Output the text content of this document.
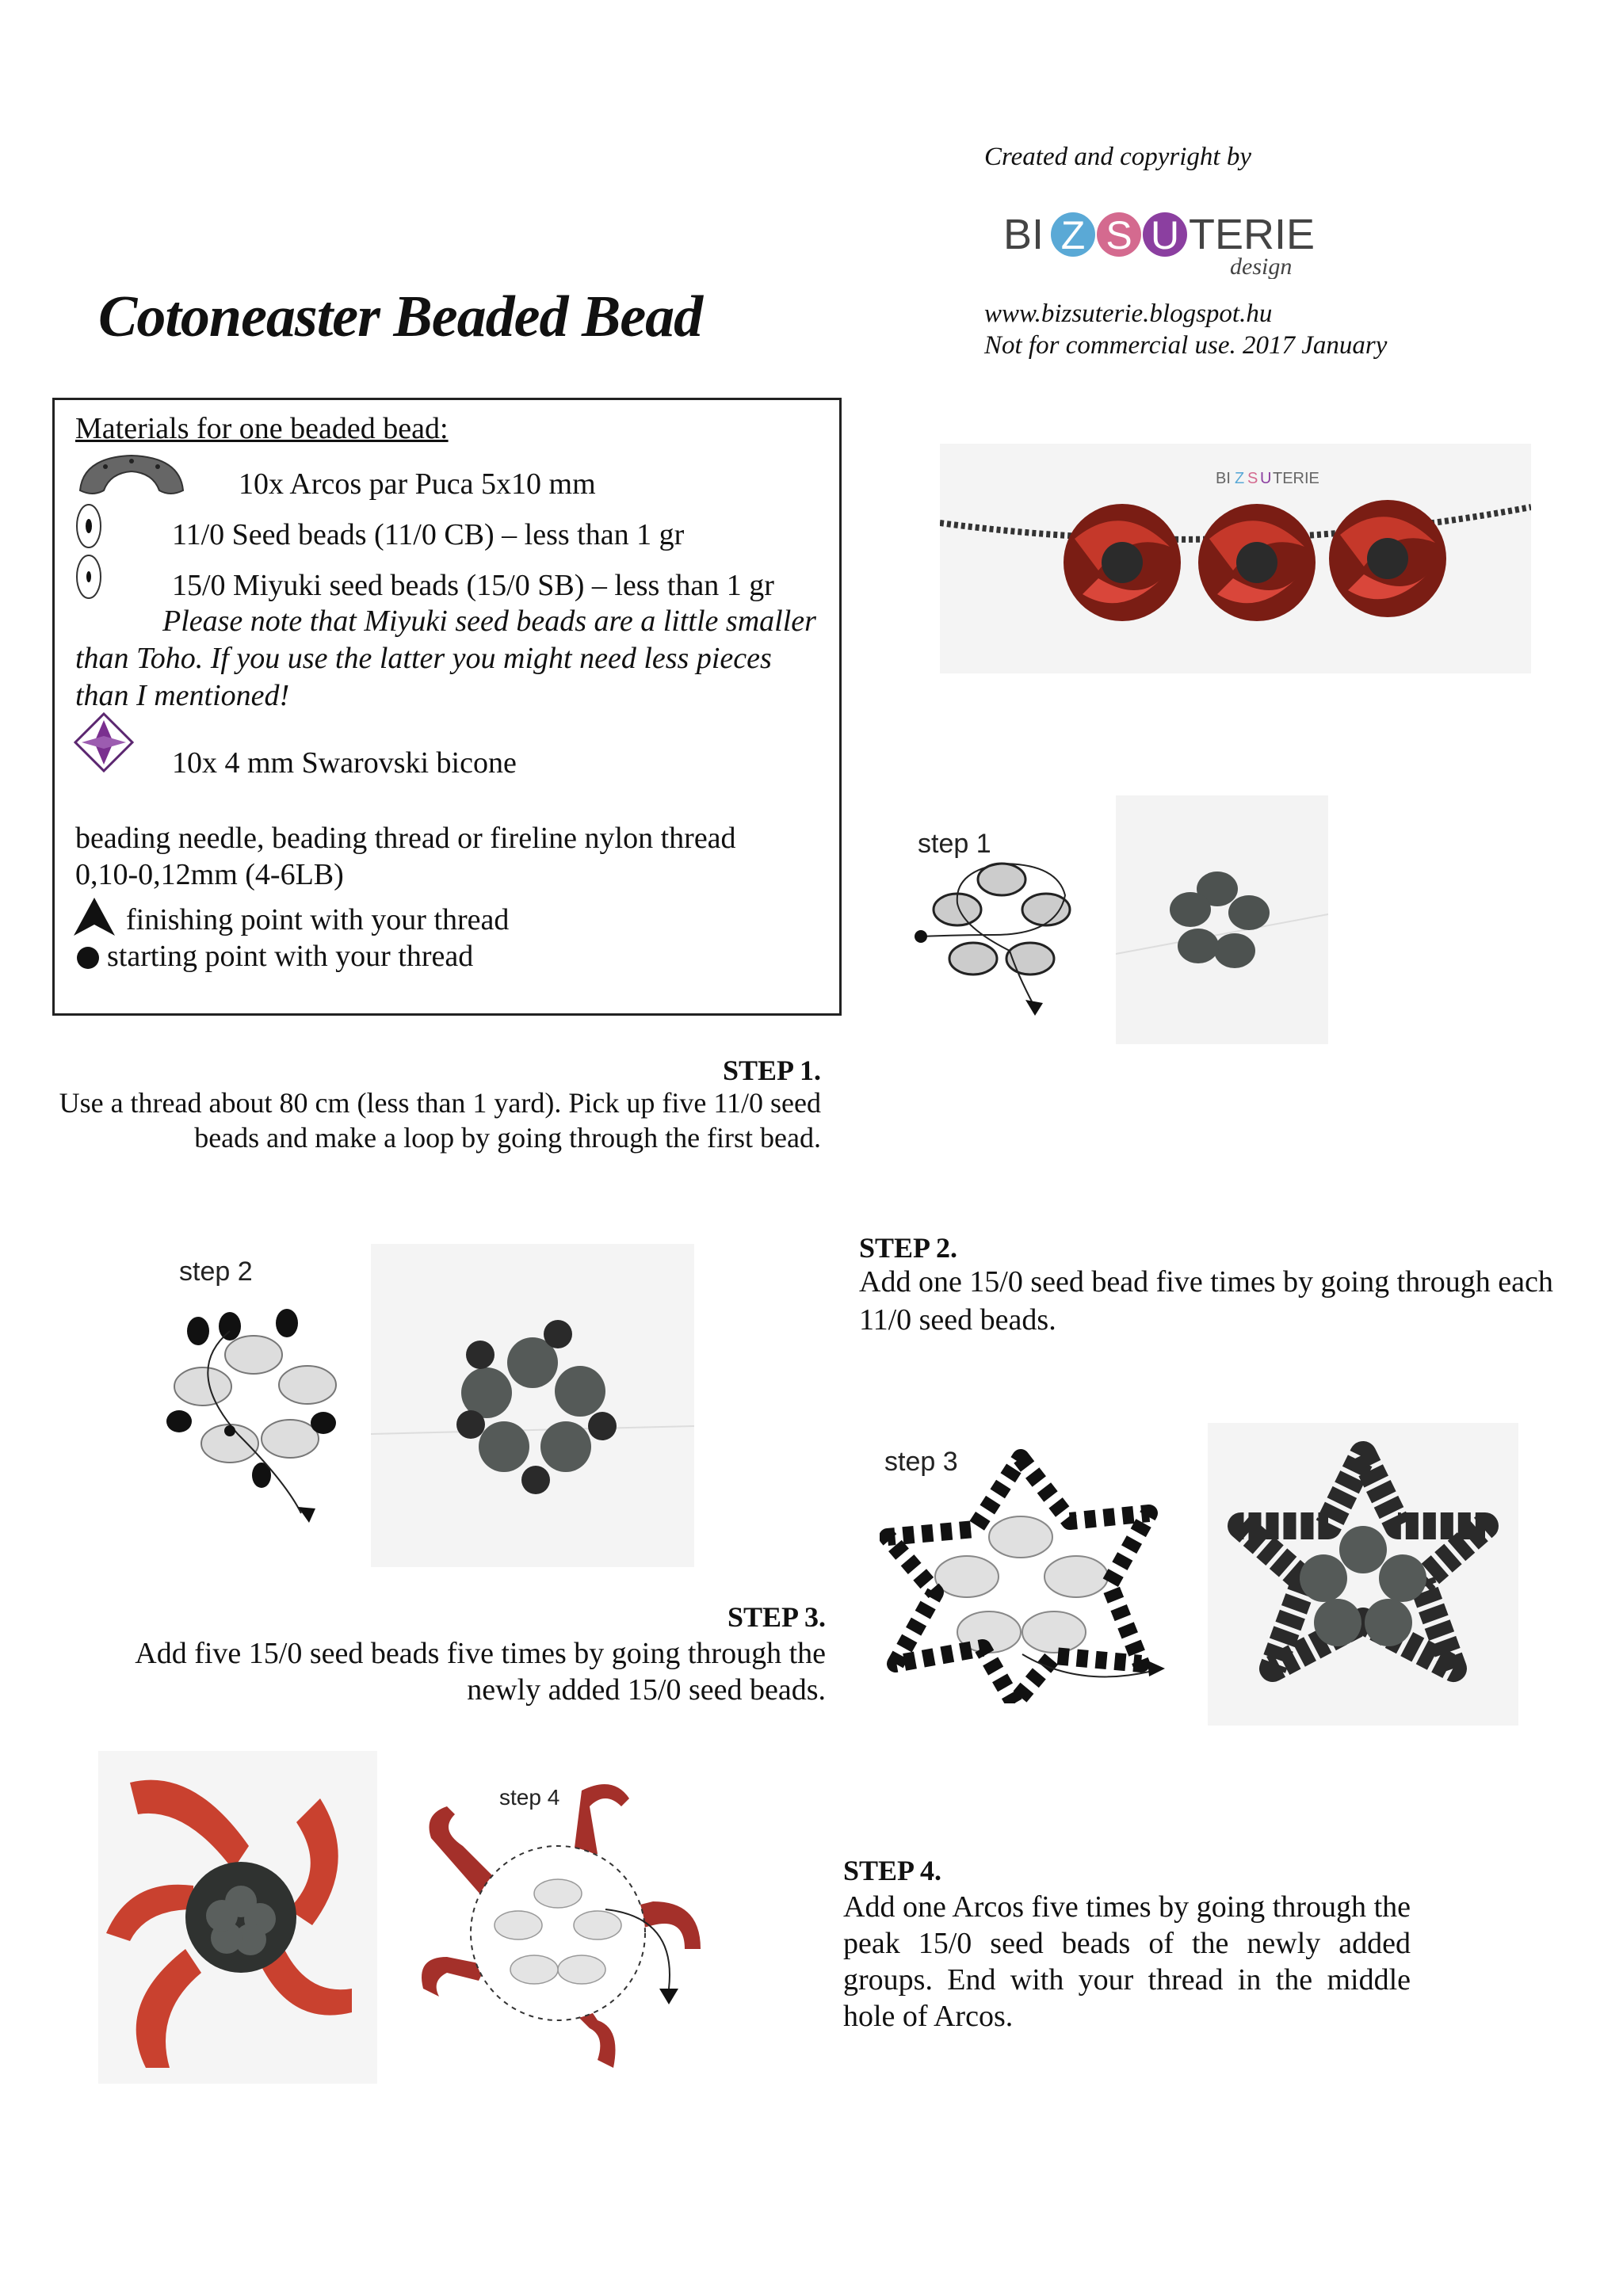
Created and copyright by
BI Z S U TERIE
design
www.bizsuterie.blogspot.hu
Not for commercial use. 2017 January
Cotoneaster Beaded Bead
Materials for one beaded bead:
10x Arcos par Puca 5x10 mm
11/0 Seed beads (11/0 CB) – less than 1 gr
15/0 Miyuki seed beads (15/0 SB) – less than 1 gr
Please note that Miyuki seed beads are a little smaller than Toho. If you use the latter you might need less pieces than I mentioned!
10x 4 mm Swarovski bicone
beading needle, beading thread or fireline nylon thread 0,10-0,12mm (4-6LB)
finishing point with your thread
starting point with your thread
BI Z S U TERIE
step 1
STEP 1.
Use a thread about 80 cm (less than 1 yard). Pick up five 11/0 seed beads and make a loop by going through the first bead.
step 2
STEP 2.
Add one 15/0 seed bead five times by going through each 11/0 seed beads.
step 3
STEP 3.
Add five 15/0 seed beads five times by going through the newly added 15/0 seed beads.
step 4
STEP 4.
Add one Arcos five times by going through the peak 15/0 seed beads of the newly added groups. End with your thread in the middle hole of Arcos.
